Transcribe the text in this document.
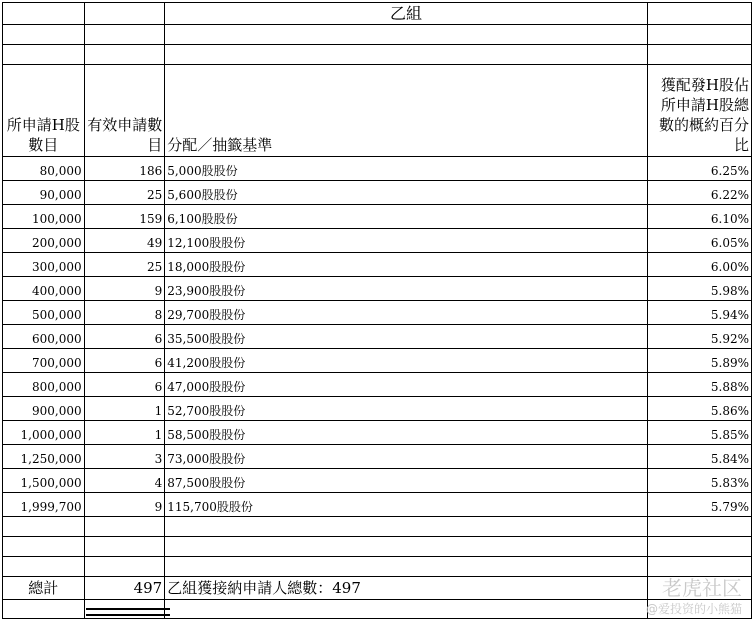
		乙組	

所申請H股數目	有效申請數目	分配／抽籤基準	獲配發H股佔所申請H股總數的概約百分比
80,000	186	5,000股股份	6.25%
90,000	25	5,600股股份	6.22%
100,000	159	6,100股股份	6.10%
200,000	49	12,100股股份	6.05%
300,000	25	18,000股股份	6.00%
400,000	9	23,900股股份	5.98%
500,000	8	29,700股股份	5.94%
600,000	6	35,500股股份	5.92%
700,000	6	41,200股股份	5.89%
800,000	6	47,000股股份	5.88%
900,000	1	52,700股股份	5.86%
1,000,000	1	58,500股股份	5.85%
1,250,000	3	73,000股股份	5.84%
1,500,000	4	87,500股股份	5.83%
1,999,700	9	115,700股股份	5.79%

總計	497	乙組獲接納申請人總數：497	
				老虎社区
@爱投资的小熊猫
